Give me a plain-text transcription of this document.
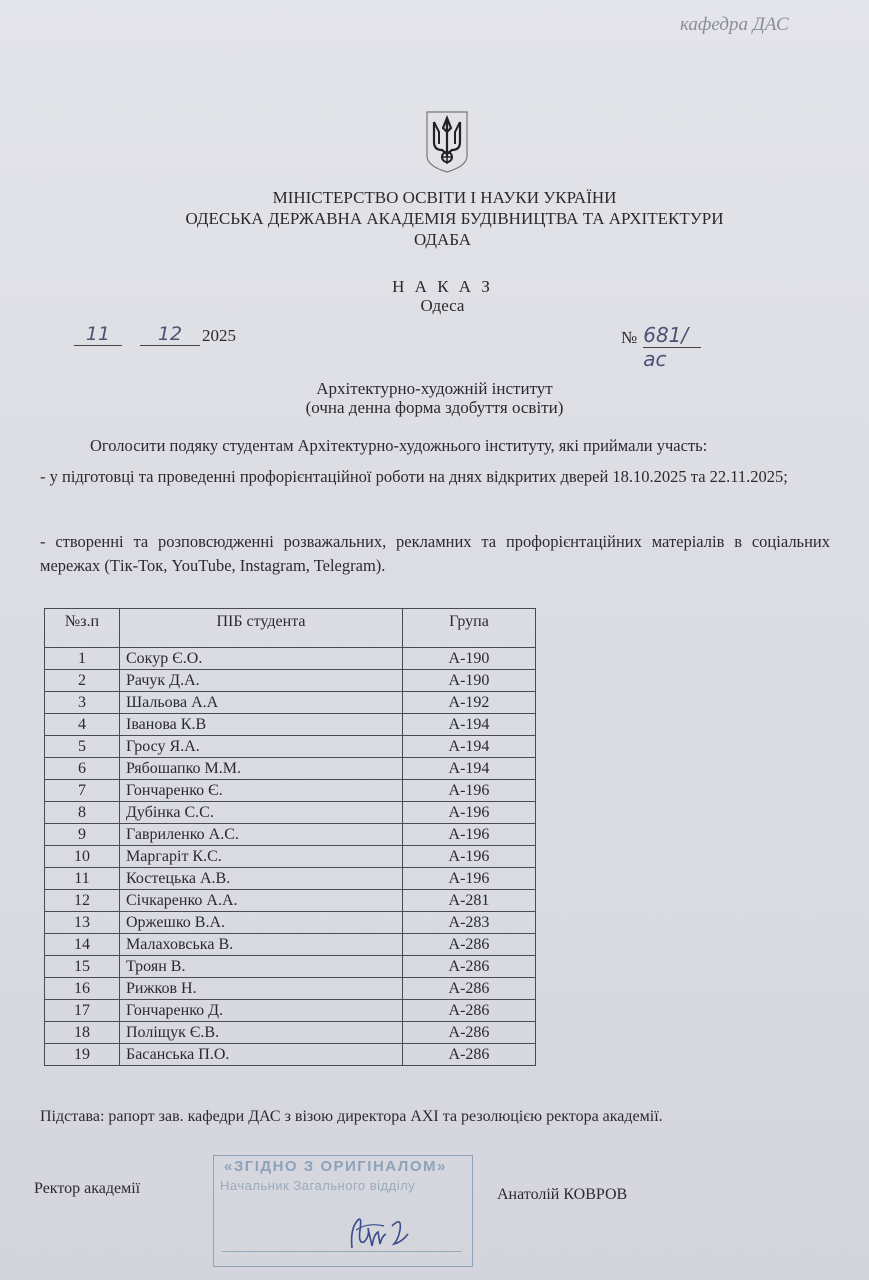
кафедра ДАС
МІНІСТЕРСТВО ОСВІТИ І НАУКИ УКРАЇНИ
ОДЕСЬКА ДЕРЖАВНА АКАДЕМІЯ БУДІВНИЦТВА ТА АРХІТЕКТУРИ
ОДАБА
Н А К А З
Одеса
11	12	2025	№ 681/ас
Архітектурно-художній інститут
(очна денна форма здобуття освіти)
Оголосити подяку студентам Архітектурно-художнього інституту, які приймали участь:
- у підготовці та проведенні профорієнтаційної роботи на днях відкритих дверей 18.10.2025 та 22.11.2025;
- створенні та розповсюдженні розважальних, рекламних та профорієнтаційних матеріалів в соціальних мережах (Тік-Ток, YouTube, Instagram, Telegram).
№з.п	ПІБ студента	Група
1	Сокур Є.О.	А-190
2	Рачук Д.А.	А-190
3	Шальова А.А	А-192
4	Іванова К.В	А-194
5	Гросу Я.А.	А-194
6	Рябошапко М.М.	А-194
7	Гончаренко Є.	А-196
8	Дубінка С.С.	А-196
9	Гавриленко А.С.	А-196
10	Маргаріт К.С.	А-196
11	Костецька А.В.	А-196
12	Січкаренко А.А.	А-281
13	Оржешко В.А.	А-283
14	Малаховська В.	А-286
15	Троян В.	А-286
16	Рижков Н.	А-286
17	Гончаренко Д.	А-286
18	Поліщук Є.В.	А-286
19	Басанська П.О.	А-286
Підстава: рапорт зав. кафедри ДАС з візою директора АХІ та резолюцією ректора академії.
Ректор академії
«ЗГІДНО З ОРИГІНАЛОМ»
Начальник Загального відділу
Анатолій КОВРОВ
